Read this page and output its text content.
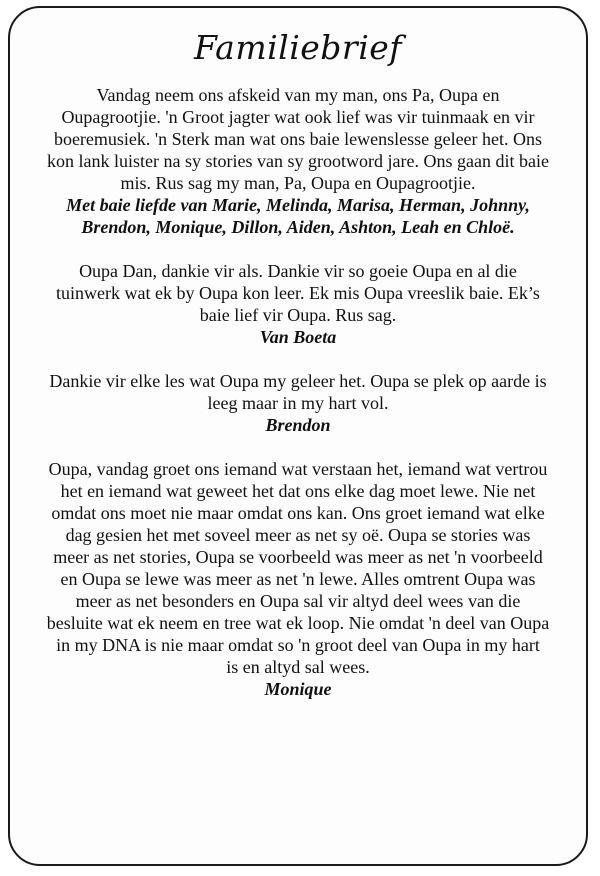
Familiebrief

Vandag neem ons afskeid van my man, ons Pa, Oupa en

Oupagrootjie. 'n Groot jagter wat ook lief was vir tuinmaak en vir

boeremusiek. 'n Sterk man wat ons baie lewenslesse geleer het. Ons

kon lank luister na sy stories van sy grootword jare. Ons gaan dit baie

mis. Rus sag my man, Pa, Oupa en Oupagrootjie.

Met baie liefde van Marie, Melinda, Marisa, Herman, Johnny,

Brendon, Monique, Dillon, Aiden, Ashton, Leah en Chloë.

Oupa Dan, dankie vir als. Dankie vir so goeie Oupa en al die

tuinwerk wat ek by Oupa kon leer. Ek mis Oupa vreeslik baie. Ek’s

baie lief vir Oupa. Rus sag.

Van Boeta

Dankie vir elke les wat Oupa my geleer het. Oupa se plek op aarde is

leeg maar in my hart vol.

Brendon

Oupa, vandag groet ons iemand wat verstaan het, iemand wat vertrou

het en iemand wat geweet het dat ons elke dag moet lewe. Nie net

omdat ons moet nie maar omdat ons kan. Ons groet iemand wat elke

dag gesien het met soveel meer as net sy oë. Oupa se stories was

meer as net stories, Oupa se voorbeeld was meer as net 'n voorbeeld

en Oupa se lewe was meer as net 'n lewe. Alles omtrent Oupa was

meer as net besonders en Oupa sal vir altyd deel wees van die

besluite wat ek neem en tree wat ek loop. Nie omdat 'n deel van Oupa

in my DNA is nie maar omdat so 'n groot deel van Oupa in my hart

is en altyd sal wees.

Monique
